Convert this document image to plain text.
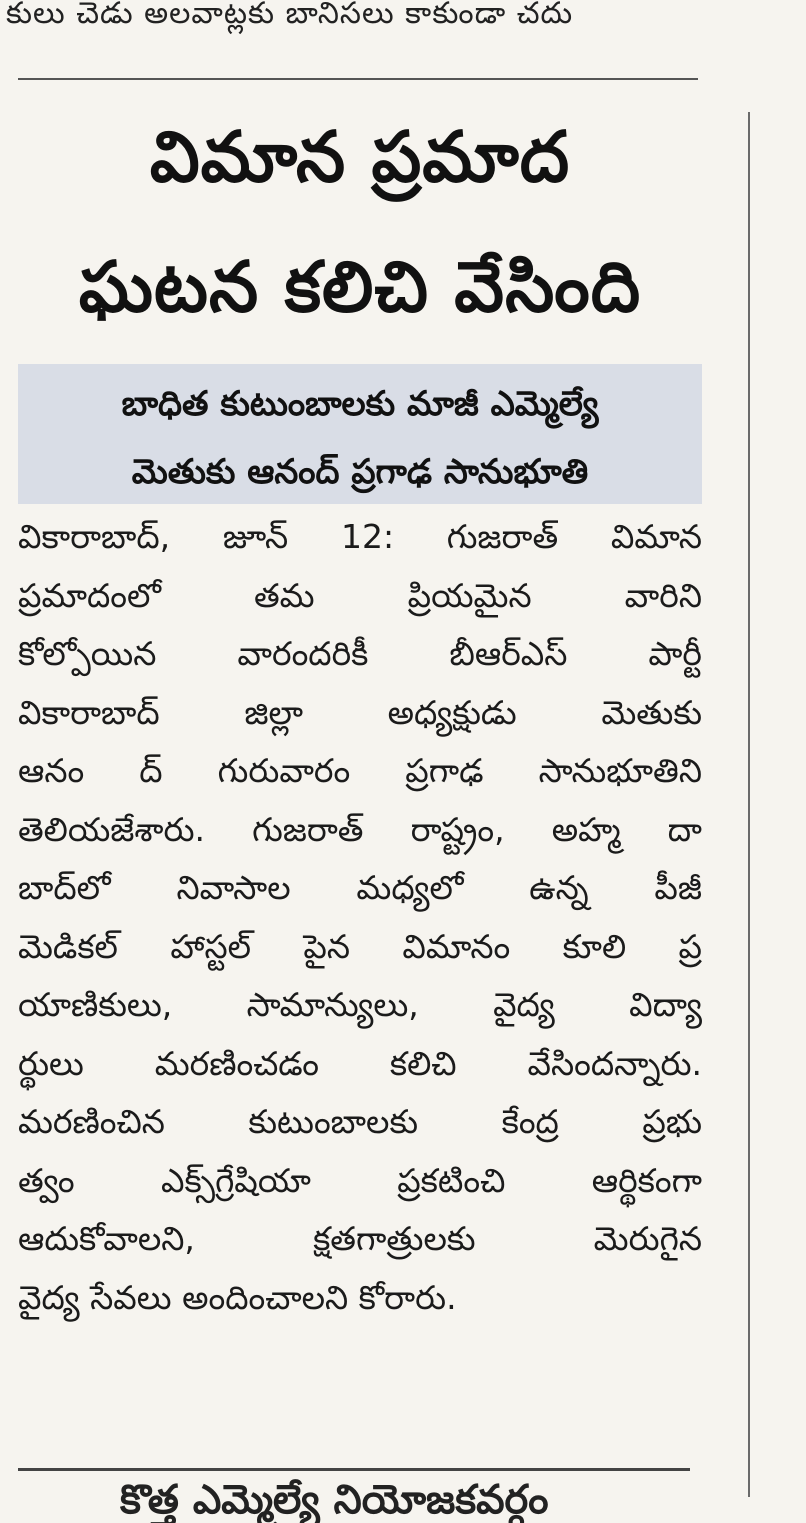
కులు చెడు అలవాట్లకు బానిసలు కాకుండా చదు
విమాన ప్రమాద
ఘటన కలిచి వేసింది
బాధిత కుటుంబాలకు మాజీ ఎమ్మెల్యే
మెతుకు ఆనంద్ ప్రగాఢ సానుభూతి
వికారాబాద్, జూన్ 12: గుజరాత్ విమాన
ప్రమాదంలో తమ ప్రియమైన వారిని
కోల్పోయిన వారందరికీ బీఆర్ఎస్ పార్టీ
వికారాబాద్ జిల్లా అధ్యక్షుడు మెతుకు
ఆనం ద్ గురువారం ప్రగాఢ సానుభూతిని
తెలియజేశారు. గుజరాత్ రాష్ట్రం, అహ్మ దా
బాద్‌లో నివాసాల మధ్యలో ఉన్న పీజీ
మెడికల్ హాస్టల్ పైన విమానం కూలి ప్ర
యాణికులు, సామాన్యులు, వైద్య విద్యా
ర్థులు మరణించడం కలిచి వేసిందన్నారు.
మరణించిన కుటుంబాలకు కేంద్ర ప్రభు
త్వం ఎక్స్‌గ్రేషియా ప్రకటించి ఆర్థికంగా
ఆదుకోవాలని, క్షతగాత్రులకు మెరుగైన
వైద్య సేవలు అందించాలని కోరారు.
కొత్త ఎమ్మెల్యే నియోజకవర్గం
